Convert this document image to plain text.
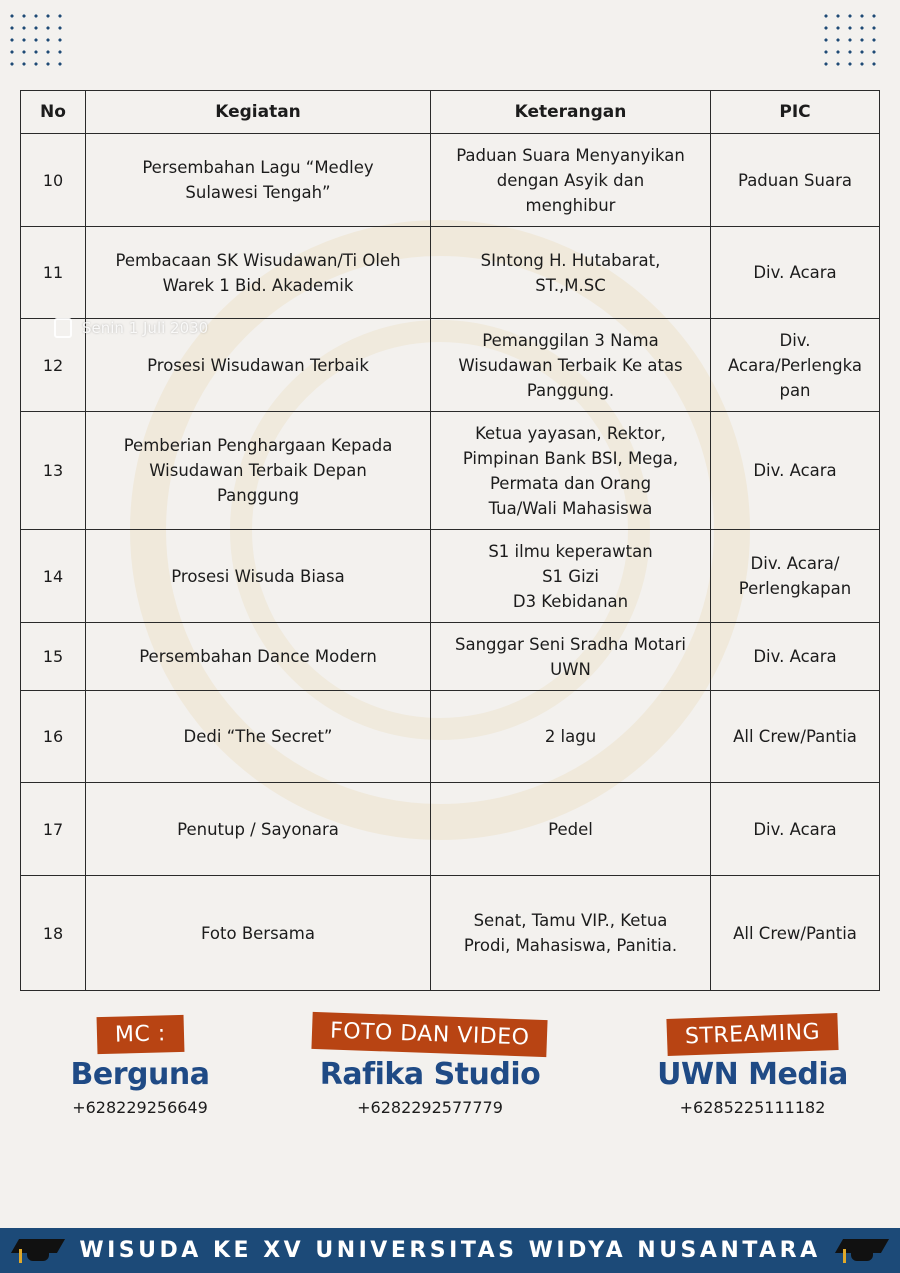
No	Kegiatan	Keterangan	PIC
10	Persembahan Lagu “Medley
Sulawesi Tengah”	Paduan Suara Menyanyikan
dengan Asyik dan
menghibur	Paduan Suara
11	Pembacaan SK Wisudawan/Ti Oleh
Warek 1 Bid. Akademik	SIntong H. Hutabarat,
ST.,M.SC	Div. Acara
12	Prosesi Wisudawan Terbaik	Pemanggilan 3 Nama
Wisudawan Terbaik Ke atas
Panggung.	Div.
Acara/Perlengka
pan
13	Pemberian Penghargaan Kepada
Wisudawan Terbaik Depan
Panggung	Ketua yayasan, Rektor,
Pimpinan Bank BSI, Mega,
Permata dan Orang
Tua/Wali Mahasiswa	Div. Acara
14	Prosesi Wisuda Biasa	S1 ilmu keperawtan
S1 Gizi
D3 Kebidanan	Div. Acara/
Perlengkapan
15	Persembahan Dance Modern	Sanggar Seni Sradha Motari
UWN	Div. Acara
16	Dedi “The Secret”	2 lagu	All Crew/Pantia
17	Penutup / Sayonara	Pedel	Div. Acara
18	Foto Bersama	Senat, Tamu VIP., Ketua
Prodi, Mahasiswa, Panitia.	All Crew/Pantia
Senin 1 Juli 2030
MC :
Berguna
+628229256649
FOTO DAN VIDEO
Rafika Studio
+6282292577779
STREAMING
UWN Media
+6285225111182
WISUDA KE XV UNIVERSITAS WIDYA NUSANTARA
